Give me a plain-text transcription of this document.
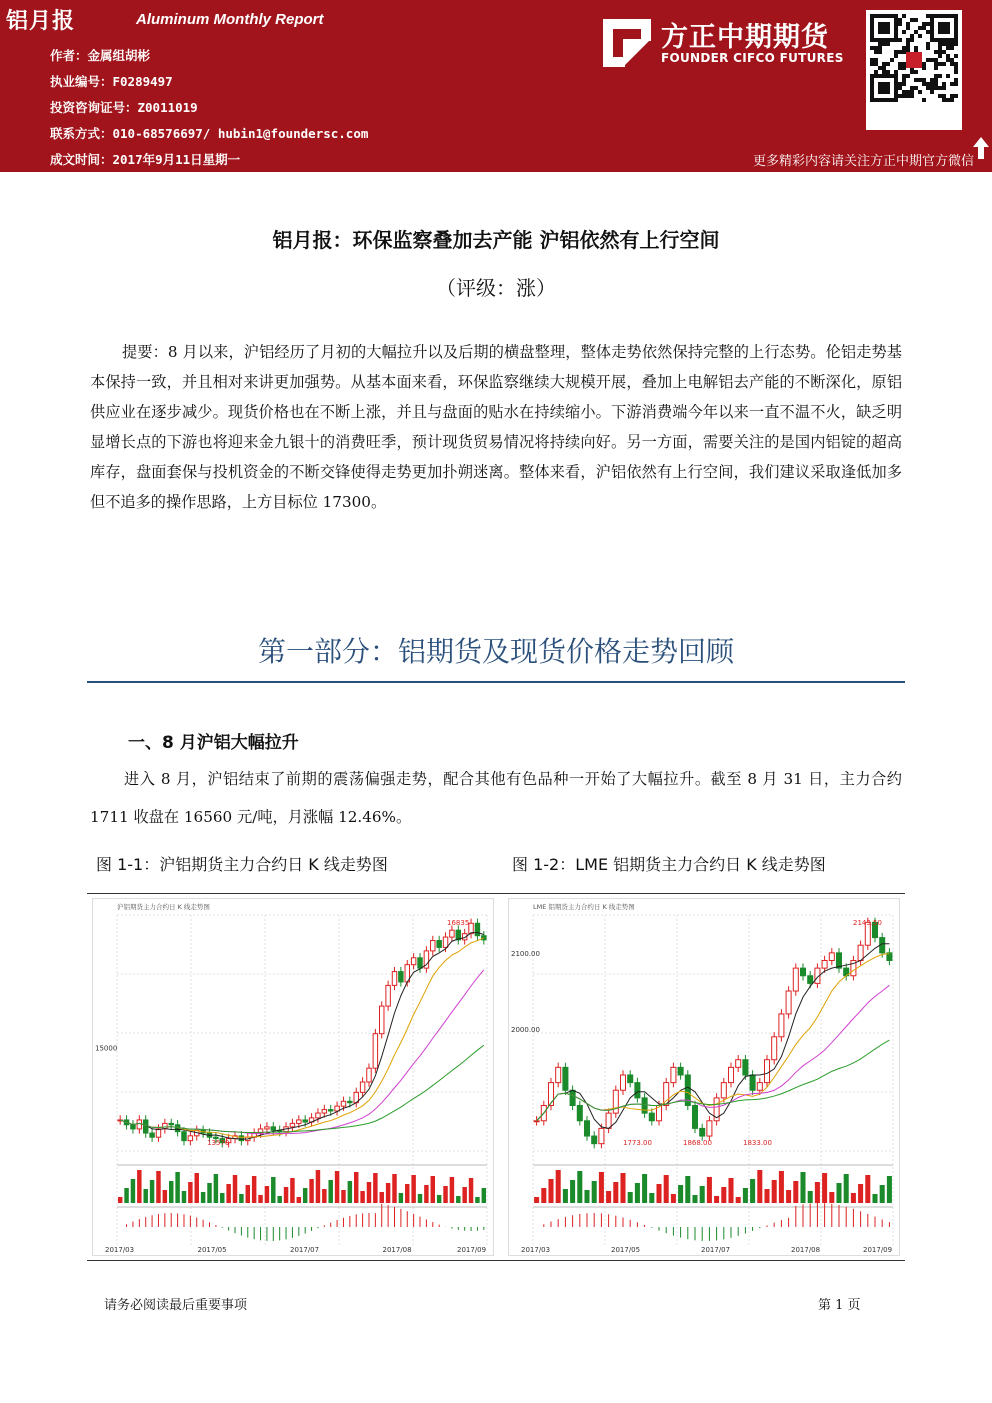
铝月报	Aluminum Monthly Report
作者：金属组胡彬
执业编号：F0289497
投资咨询证号：Z0011019
联系方式：010-68576697/ hubin1@foundersc.com
成文时间：2017年9月11日星期一
方正中期期货
FOUNDER CIFCO FUTURES
更多精彩内容请关注方正中期官方微信
铝月报：环保监察叠加去产能 沪铝依然有上行空间
（评级：涨）

提要：8 月以来，沪铝经历了月初的大幅拉升以及后期的横盘整理，整体走势依然保持完整的上行态势。伦铝走势基本保持一致，并且相对来讲更加强势。从基本面来看，环保监察继续大规模开展，叠加上电解铝去产能的不断深化，原铝供应业在逐步减少。现货价格也在不断上涨，并且与盘面的贴水在持续缩小。下游消费端今年以来一直不温不火，缺乏明显增长点的下游也将迎来金九银十的消费旺季，预计现货贸易情况将持续向好。另一方面，需要关注的是国内铝锭的超高库存，盘面套保与投机资金的不断交锋使得走势更加扑朔迷离。整体来看，沪铝依然有上行空间，我们建议采取逢低加多但不追多的操作思路，上方目标位 17300。

第一部分：铝期货及现货价格走势回顾
一、8 月沪铝大幅拉升

进入 8 月，沪铝结束了前期的震荡偏强走势，配合其他有色品种一开始了大幅拉升。截至 8 月 31 日，主力合约 1711 收盘在 16560 元/吨，月涨幅 12.46%。

图 1-1：沪铝期货主力合约日 K 线走势图	图 1-2：LME 铝期货主力合约日 K 线走势图
15000
2017/03	2017/05	2017/07	2017/08	2017/09
16835
13570
沪铝期货主力合约日 K 线走势图
2100.00
2000.00
2017/03	2017/05	2017/07	2017/08	2017/09
2143.50
1773.00	1868.00	1833.00
LME 铝期货主力合约日 K 线走势图
请务必阅读最后重要事项	第 1 页
